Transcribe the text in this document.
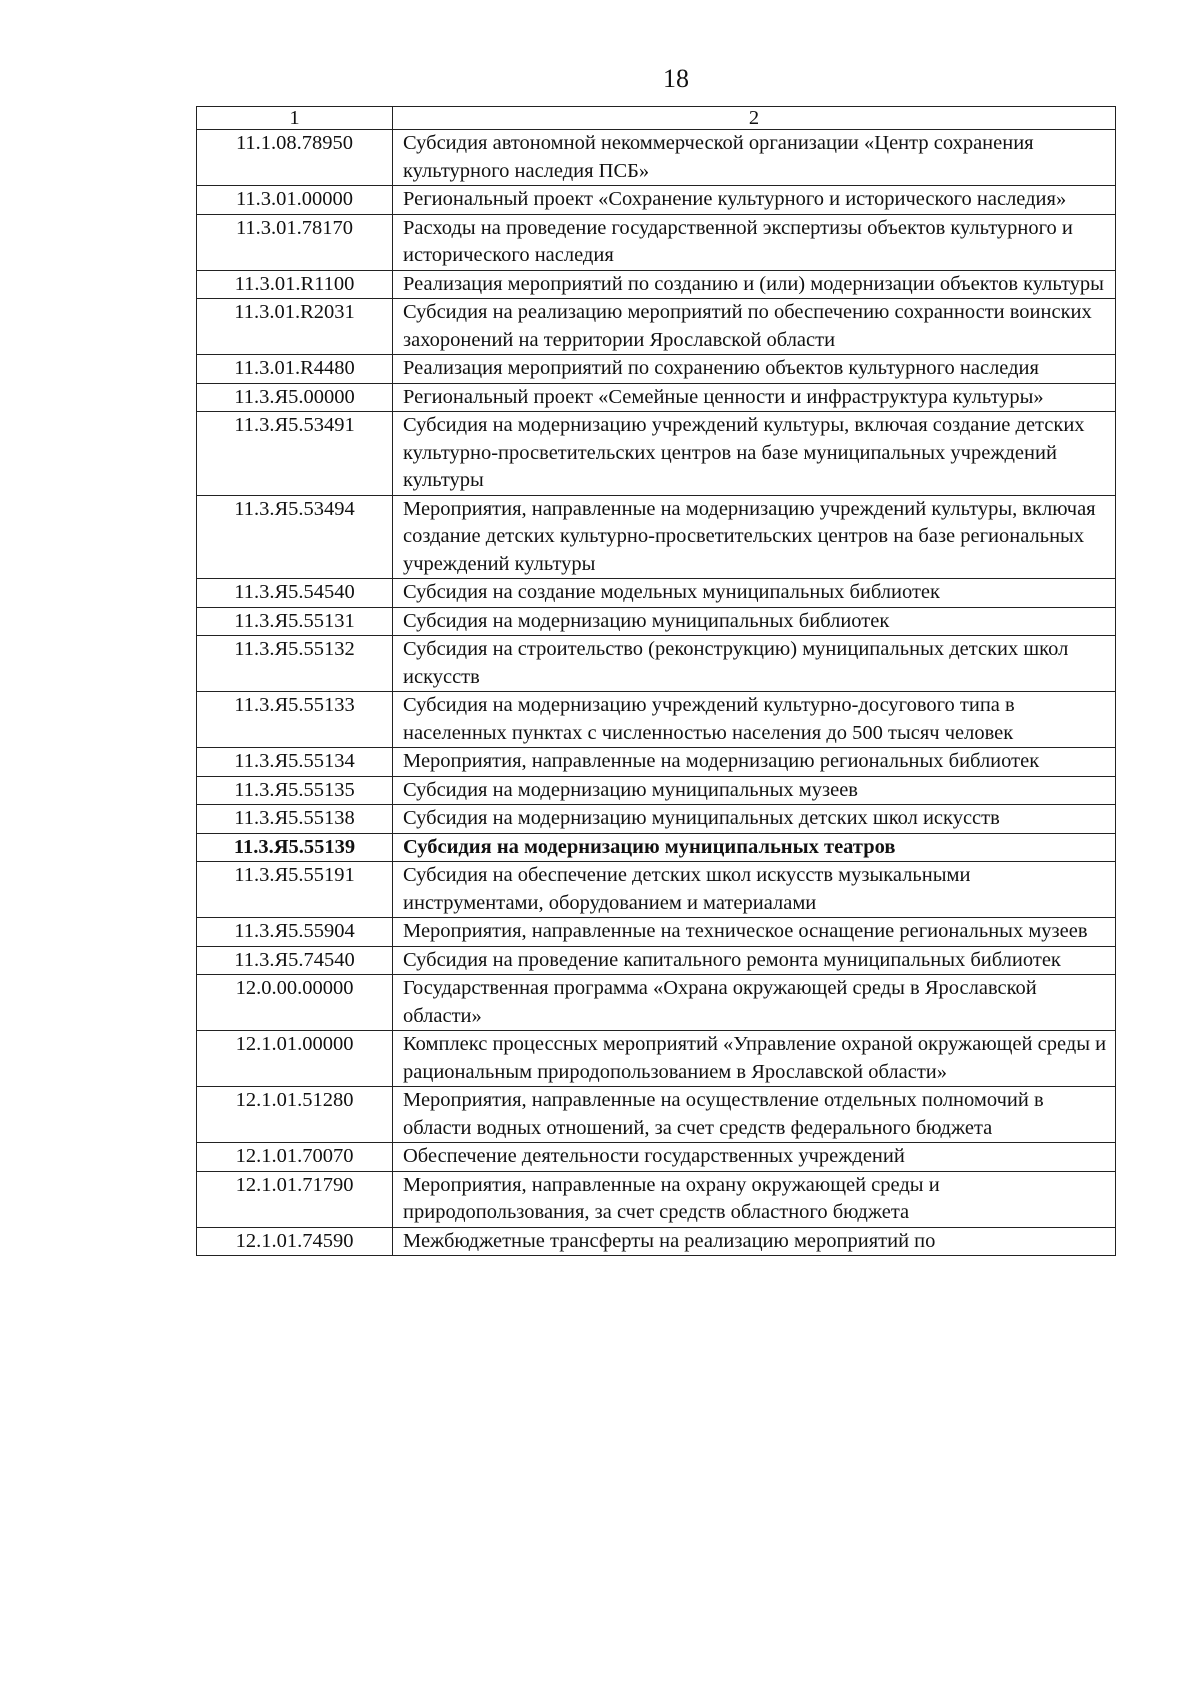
18
1	2
11.1.08.78950	Субсидия автономной некоммерческой организации «Центр сохранения культурного наследия ПСБ»
11.3.01.00000	Региональный проект «Сохранение культурного и исторического наследия»
11.3.01.78170	Расходы на проведение государственной экспертизы объектов культурного и исторического наследия
11.3.01.R1100	Реализация мероприятий по созданию и (или) модернизации объектов культуры
11.3.01.R2031	Субсидия на реализацию мероприятий по обеспечению сохранности воинских захоронений на территории Ярославской области
11.3.01.R4480	Реализация мероприятий по сохранению объектов культурного наследия
11.3.Я5.00000	Региональный проект «Семейные ценности и инфраструктура культуры»
11.3.Я5.53491	Субсидия на модернизацию учреждений культуры, включая создание детских культурно-просветительских центров на базе муниципальных учреждений культуры
11.3.Я5.53494	Мероприятия, направленные на модернизацию учреждений культуры, включая создание детских культурно-просветительских центров на базе региональных учреждений культуры
11.3.Я5.54540	Субсидия на создание модельных муниципальных библиотек
11.3.Я5.55131	Субсидия на модернизацию муниципальных библиотек
11.3.Я5.55132	Субсидия на строительство (реконструкцию) муниципальных детских школ искусств
11.3.Я5.55133	Субсидия на модернизацию учреждений культурно-досугового типа в населенных пунктах с численностью населения до 500 тысяч человек
11.3.Я5.55134	Мероприятия, направленные на модернизацию региональных библиотек
11.3.Я5.55135	Субсидия на модернизацию муниципальных музеев
11.3.Я5.55138	Субсидия на модернизацию муниципальных детских школ искусств
11.3.Я5.55139	Субсидия на модернизацию муниципальных театров
11.3.Я5.55191	Субсидия на обеспечение детских школ искусств музыкальными инструментами, оборудованием и материалами
11.3.Я5.55904	Мероприятия, направленные на техническое оснащение региональных музеев
11.3.Я5.74540	Субсидия на проведение капитального ремонта муниципальных библиотек
12.0.00.00000	Государственная программа «Охрана окружающей среды в Ярославской области»
12.1.01.00000	Комплекс процессных мероприятий «Управление охраной окружающей среды и рациональным природопользованием в Ярославской области»
12.1.01.51280	Мероприятия, направленные на осуществление отдельных полномочий в области водных отношений, за счет средств федерального бюджета
12.1.01.70070	Обеспечение деятельности государственных учреждений
12.1.01.71790	Мероприятия, направленные на охрану окружающей среды и природопользования, за счет средств областного бюджета
12.1.01.74590	Межбюджетные трансферты на реализацию мероприятий по
